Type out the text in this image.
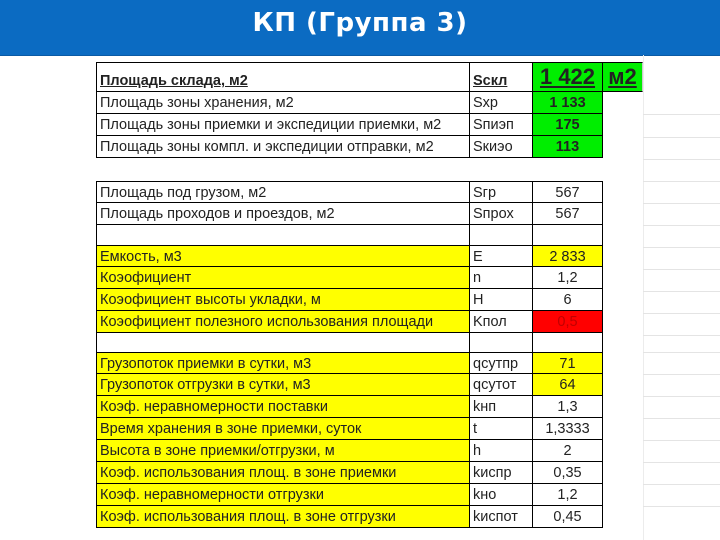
КП (Группа 3)
Площадь склада, м2	Sскл	1 422 м2
Площадь зоны хранения, м2	Sхр	1 133
Площадь зоны приемки и экспедиции приемки, м2	Sпиэп	175
Площадь зоны компл. и экспедиции отправки, м2	Sкиэо	113
Площадь под грузом, м2	Sгр	567
Площадь проходов и проездов, м2	Sпрох	567
Емкость, м3	E	2 833
Коэофициент	n	1,2
Коэофициент высоты укладки, м	H	6
Коэофициент полезного использования площади	Kпол	0,5
Грузопоток приемки в сутки, м3	qсутпр	71
Грузопоток отгрузки в сутки, м3	qсутот	64
Коэф. неравномерности поставки	kнп	1,3
Время хранения в зоне приемки, суток	t	1,3333
Высота в зоне приемки/отгрузки, м	h	2
Коэф. использования площ. в зоне приемки	kиспр	0,35
Коэф. неравномерности отгрузки	kно	1,2
Коэф. использования площ. в зоне отгрузки	kиспот	0,45
